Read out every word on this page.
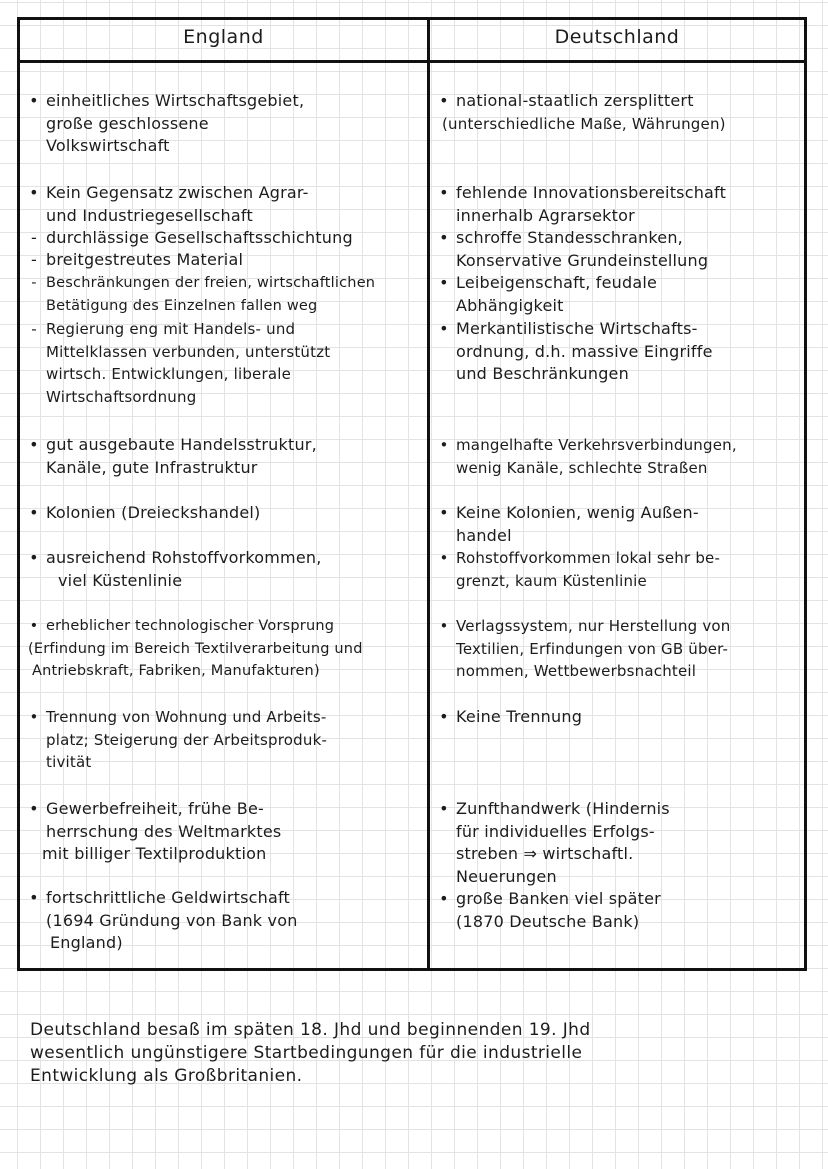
England	Deutschland
• einheitliches Wirtschaftsgebiet,
große geschlossene
Volkswirtschaft
• Kein Gegensatz zwischen Agrar-
und Industriegesellschaft
- durchlässige Gesellschaftsschichtung
- breitgestreutes Material
- Beschränkungen der freien, wirtschaftlichen
Betätigung des Einzelnen fallen weg
- Regierung eng mit Handels- und
Mittelklassen verbunden, unterstützt
wirtsch. Entwicklungen, liberale
Wirtschaftsordnung
• gut ausgebaute Handelsstruktur,
Kanäle, gute Infrastruktur
• Kolonien (Dreieckshandel)
• ausreichend Rohstoffvorkommen,
viel Küstenlinie
• erheblicher technologischer Vorsprung
(Erfindung im Bereich Textilverarbeitung und
Antriebskraft, Fabriken, Manufakturen)
• Trennung von Wohnung und Arbeits-
platz; Steigerung der Arbeitsproduk-
tivität
• Gewerbefreiheit, frühe Be-
herrschung des Weltmarktes
mit billiger Textilproduktion
• fortschrittliche Geldwirtschaft
(1694 Gründung von Bank von
England)
• national-staatlich zersplittert
(unterschiedliche Maße, Währungen)
• fehlende Innovationsbereitschaft
innerhalb Agrarsektor
• schroffe Standesschranken,
Konservative Grundeinstellung
• Leibeigenschaft, feudale
Abhängigkeit
• Merkantilistische Wirtschafts-
ordnung, d.h. massive Eingriffe
und Beschränkungen
• mangelhafte Verkehrsverbindungen,
wenig Kanäle, schlechte Straßen
• Keine Kolonien, wenig Außen-
handel
• Rohstoffvorkommen lokal sehr be-
grenzt, kaum Küstenlinie
• Verlagssystem, nur Herstellung von
Textilien, Erfindungen von GB über-
nommen, Wettbewerbsnachteil
• Keine Trennung
• Zunfthandwerk (Hindernis
für individuelles Erfolgs-
streben ⇒ wirtschaftl.
Neuerungen
• große Banken viel später
(1870 Deutsche Bank)
Deutschland besaß im späten 18. Jhd und beginnenden 19. Jhd
wesentlich ungünstigere Startbedingungen für die industrielle
Entwicklung als Großbritanien.
